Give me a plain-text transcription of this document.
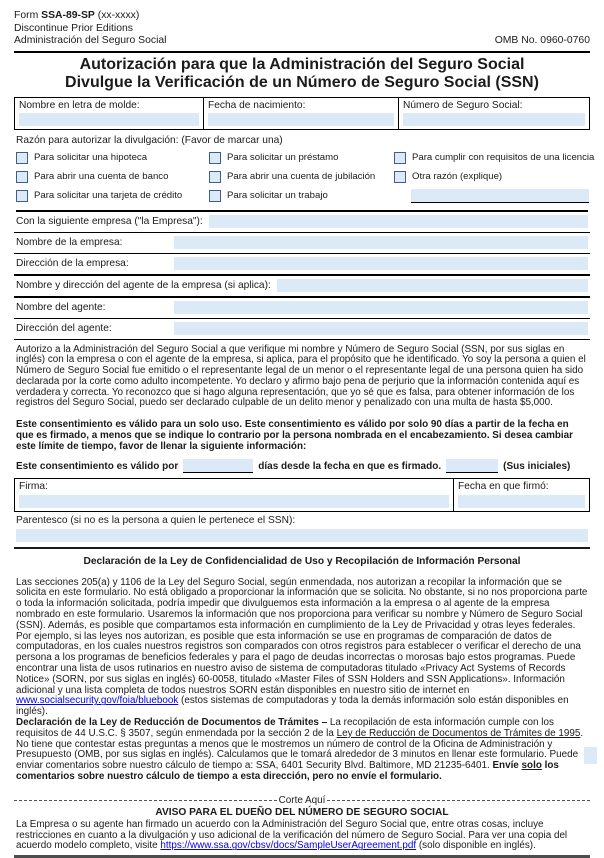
Form SSA-89-SP (xx-xxxx)
Discontinue Prior Editions
Administración del Seguro Social	OMB No. 0960-0760
Autorización para que la Administración del Seguro Social
Divulgue la Verificación de un Número de Seguro Social (SSN)
Nombre en letra de molde:	Fecha de nacimiento:	Número de Seguro Social:
Razón para autorizar la divulgación: (Favor de marcar una)
Para solicitar una hipoteca	Para solicitar un préstamo	Para cumplir con requisitos de una licencia
Para abrir una cuenta de banco	Para abrir una cuenta de jubilación	Otra razón (explique)
Para solicitar una tarjeta de crédito	Para solicitar un trabajo
Con la siguiente empresa ("la Empresa"):
Nombre de la empresa:
Dirección de la empresa:
Nombre y dirección del agente de la empresa (si aplica):
Nombre del agente:
Dirección del agente:
Autorizo a la Administración del Seguro Social a que verifique mi nombre y Número de Seguro Social (SSN, por sus siglas en inglés) con la empresa o con el agente de la empresa, si aplica, para el propósito que he identificado. Yo soy la persona a quien el Número de Seguro Social fue emitido o el representante legal de un menor o el representante legal de una persona quien ha sido declarada por la corte como adulto incompetente. Yo declaro y afirmo bajo pena de perjurio que la información contenida aquí es verdadera y correcta. Yo reconozco que si hago alguna representación, que yo sé que es falsa, para obtener información de los registros del Seguro Social, puedo ser declarado culpable de un delito menor y penalizado con una multa de hasta $5,000.
Este consentimiento es válido para un solo uso. Este consentimiento es válido por solo 90 días a partir de la fecha en que es firmado, a menos que se indique lo contrario por la persona nombrada en el encabezamiento. Si desea cambiar este límite de tiempo, favor de llenar la siguiente información:
Este consentimiento es válido por	días desde la fecha en que es firmado.	(Sus iniciales)
Firma:	Fecha en que firmó:
Parentesco (si no es la persona a quien le pertenece el SSN):
Declaración de la Ley de Confidencialidad de Uso y Recopilación de Información Personal
Las secciones 205(a) y 1106 de la Ley del Seguro Social, según enmendada, nos autorizan a recopilar la información que se solicita en este formulario. No está obligado a proporcionar la información que se solicita. No obstante, si no nos proporciona parte o toda la información solicitada, podría impedir que divulguemos esta información a la empresa o al agente de la empresa nombrado en este formulario. Usaremos la información que nos proporciona para verificar su nombre y Número de Seguro Social (SSN). Además, es posible que compartamos esta información en cumplimiento de la Ley de Privacidad y otras leyes federales. Por ejemplo, si las leyes nos autorizan, es posible que esta información se use en programas de comparación de datos de computadoras, en los cuales nuestros registros son comparados con otros registros para establecer o verificar el derecho de una persona a los programas de beneficios federales y para el pago de deudas incorrectas o morosas bajo estos programas. Puede encontrar una lista de usos rutinarios en nuestro aviso de sistema de computadoras titulado «Privacy Act Systems of Records Notice» (SORN, por sus siglas en inglés) 60-0058, titulado «Master Files of SSN Holders and SSN Applications». Información adicional y una lista completa de todos nuestros SORN están disponibles en nuestro sitio de internet en www.socialsecurity.gov/foia/bluebook (estos sistemas de computadoras y toda la demás información solo están disponibles en inglés).
Declaración de la Ley de Reducción de Documentos de Trámites – La recopilación de esta información cumple con los requisitos de 44 U.S.C. § 3507, según enmendada por la sección 2 de la Ley de Reducción de Documentos de Trámites de 1995. No tiene que contestar estas preguntas a menos que le mostremos un número de control de la Oficina de Administración y Presupuesto (OMB, por sus siglas en inglés). Calculamos que le tomará alrededor de 3 minutos en llenar este formulario. Puede enviar comentarios sobre nuestro cálculo de tiempo a: SSA, 6401 Security Blvd. Baltimore, MD 21235-6401. Envíe solo los comentarios sobre nuestro cálculo de tiempo a esta dirección, pero no envíe el formulario.
Corte Aquí
AVISO PARA EL DUEÑO DEL NÚMERO DE SEGURO SOCIAL
La Empresa o su agente han firmado un acuerdo con la Administración del Seguro Social que, entre otras cosas, incluye restricciones en cuanto a la divulgación y uso adicional de la verificación del número de Seguro Social. Para ver una copia del acuerdo modelo completo, visite https://www.ssa.gov/cbsv/docs/SampleUserAgreement.pdf (solo disponible en inglés).
